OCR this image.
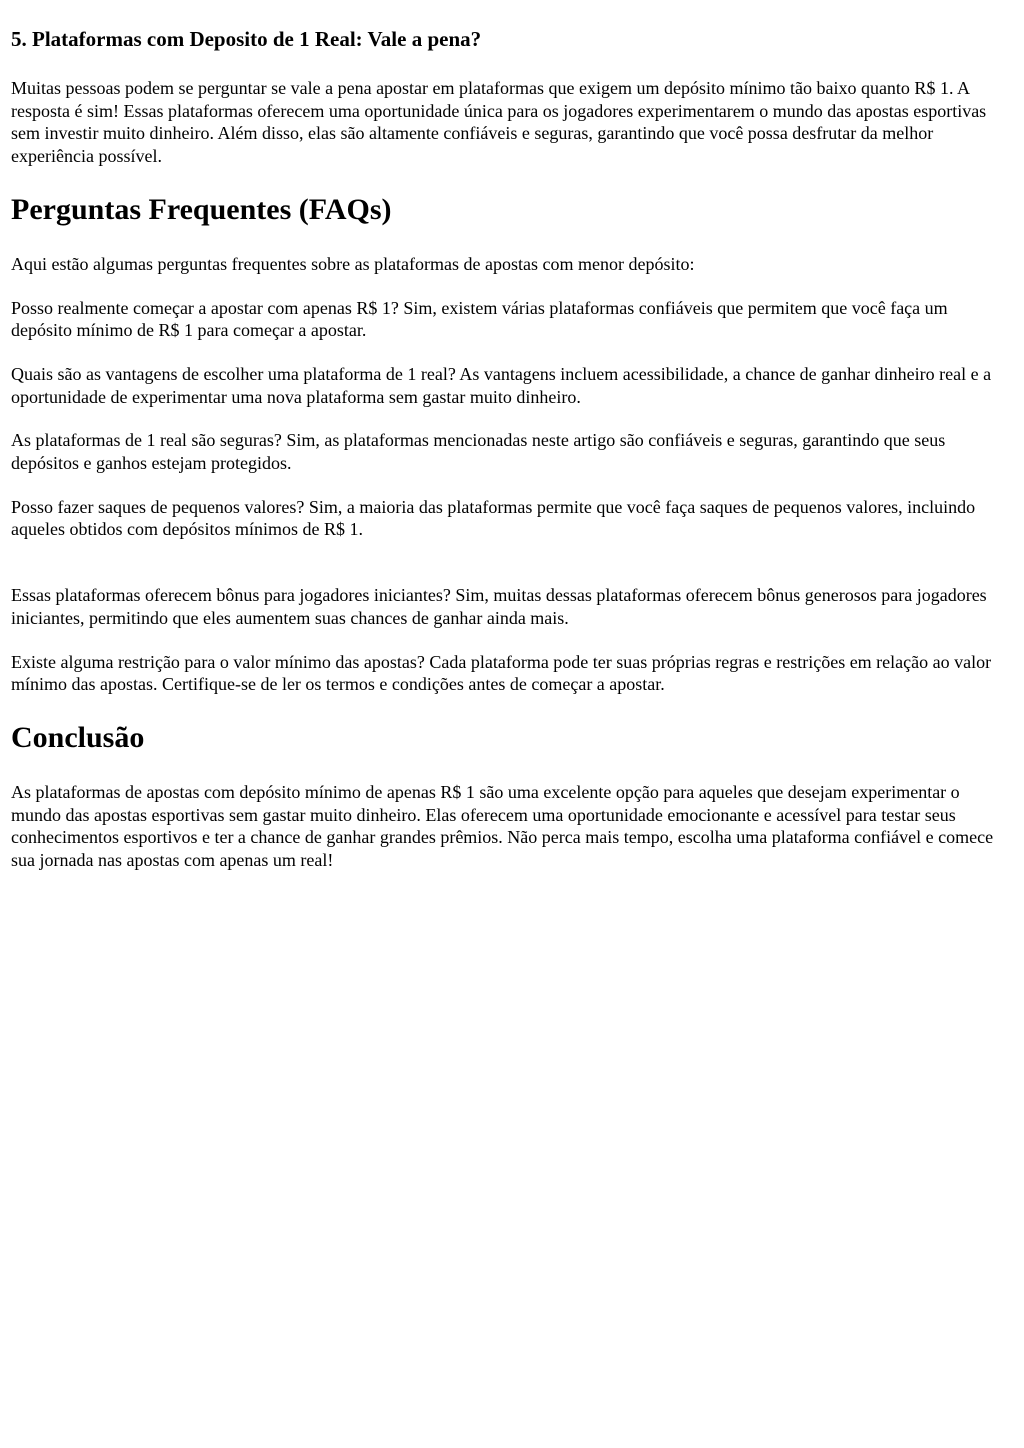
5. Plataformas com Deposito de 1 Real: Vale a pena?

Muitas pessoas podem se perguntar se vale a pena apostar em plataformas que exigem um depósito mínimo tão baixo quanto R$ 1. A resposta é sim! Essas plataformas oferecem uma oportunidade única para os jogadores experimentarem o mundo das apostas esportivas sem investir muito dinheiro. Além disso, elas são altamente confiáveis e seguras, garantindo que você possa desfrutar da melhor experiência possível.

Perguntas Frequentes (FAQs)

Aqui estão algumas perguntas frequentes sobre as plataformas de apostas com menor depósito:

Posso realmente começar a apostar com apenas R$ 1? Sim, existem várias plataformas confiáveis que permitem que você faça um depósito mínimo de R$ 1 para começar a apostar.

Quais são as vantagens de escolher uma plataforma de 1 real? As vantagens incluem acessibilidade, a chance de ganhar dinheiro real e a oportunidade de experimentar uma nova plataforma sem gastar muito dinheiro.

As plataformas de 1 real são seguras? Sim, as plataformas mencionadas neste artigo são confiáveis e seguras, garantindo que seus depósitos e ganhos estejam protegidos.

Posso fazer saques de pequenos valores? Sim, a maioria das plataformas permite que você faça saques de pequenos valores, incluindo aqueles obtidos com depósitos mínimos de R$ 1.

Essas plataformas oferecem bônus para jogadores iniciantes? Sim, muitas dessas plataformas oferecem bônus generosos para jogadores iniciantes, permitindo que eles aumentem suas chances de ganhar ainda mais.

Existe alguma restrição para o valor mínimo das apostas? Cada plataforma pode ter suas próprias regras e restrições em relação ao valor mínimo das apostas. Certifique-se de ler os termos e condições antes de começar a apostar.

Conclusão

As plataformas de apostas com depósito mínimo de apenas R$ 1 são uma excelente opção para aqueles que desejam experimentar o mundo das apostas esportivas sem gastar muito dinheiro. Elas oferecem uma oportunidade emocionante e acessível para testar seus conhecimentos esportivos e ter a chance de ganhar grandes prêmios. Não perca mais tempo, escolha uma plataforma confiável e comece sua jornada nas apostas com apenas um real!
